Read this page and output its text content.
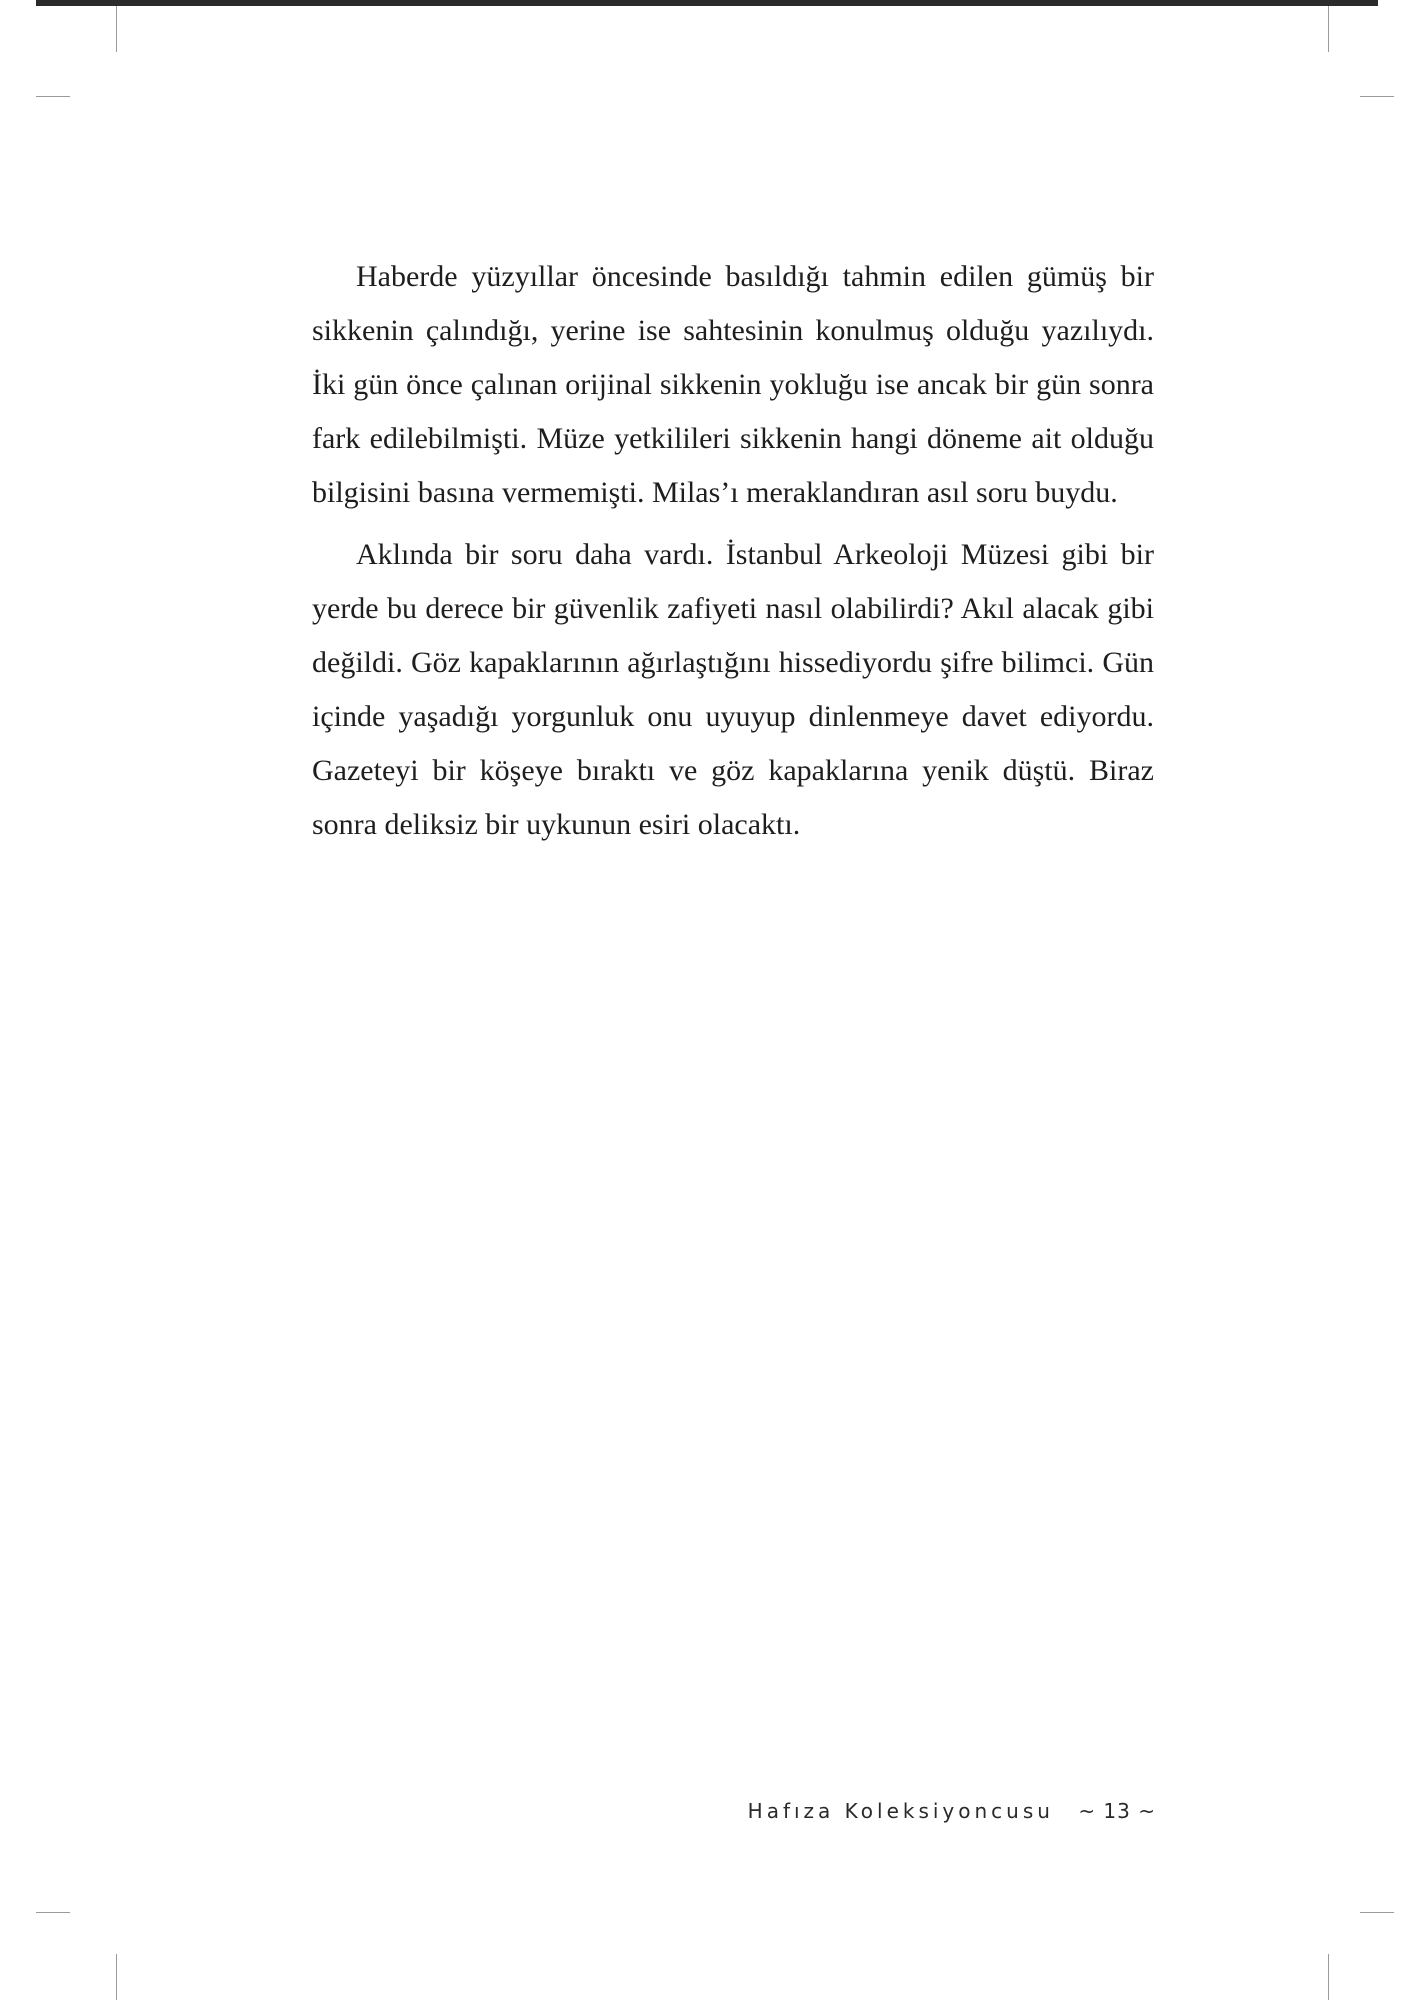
Haberde yüzyıllar öncesinde basıldığı tahmin edilen gümüş bir sikkenin çalındığı, yerine ise sahtesinin konulmuş olduğu yazılıydı. İki gün önce çalınan orijinal sikkenin yokluğu ise ancak bir gün sonra fark edilebilmişti. Müze yetkilileri sikkenin hangi döneme ait olduğu bilgisini basına vermemişti. Milas’ı meraklandıran asıl soru buydu.

Aklında bir soru daha vardı. İstanbul Arkeoloji Müzesi gibi bir yerde bu derece bir güvenlik zafiyeti nasıl olabilirdi? Akıl alacak gibi değildi. Göz kapaklarının ağırlaştığını hissediyordu şifre bilimci. Gün içinde yaşadığı yorgunluk onu uyuyup dinlenmeye davet ediyordu. Gazeteyi bir köşeye bıraktı ve göz kapaklarına yenik düştü. Biraz sonra deliksiz bir uykunun esiri olacaktı.

Hafıza Koleksiyoncusu ~ 13 ~
